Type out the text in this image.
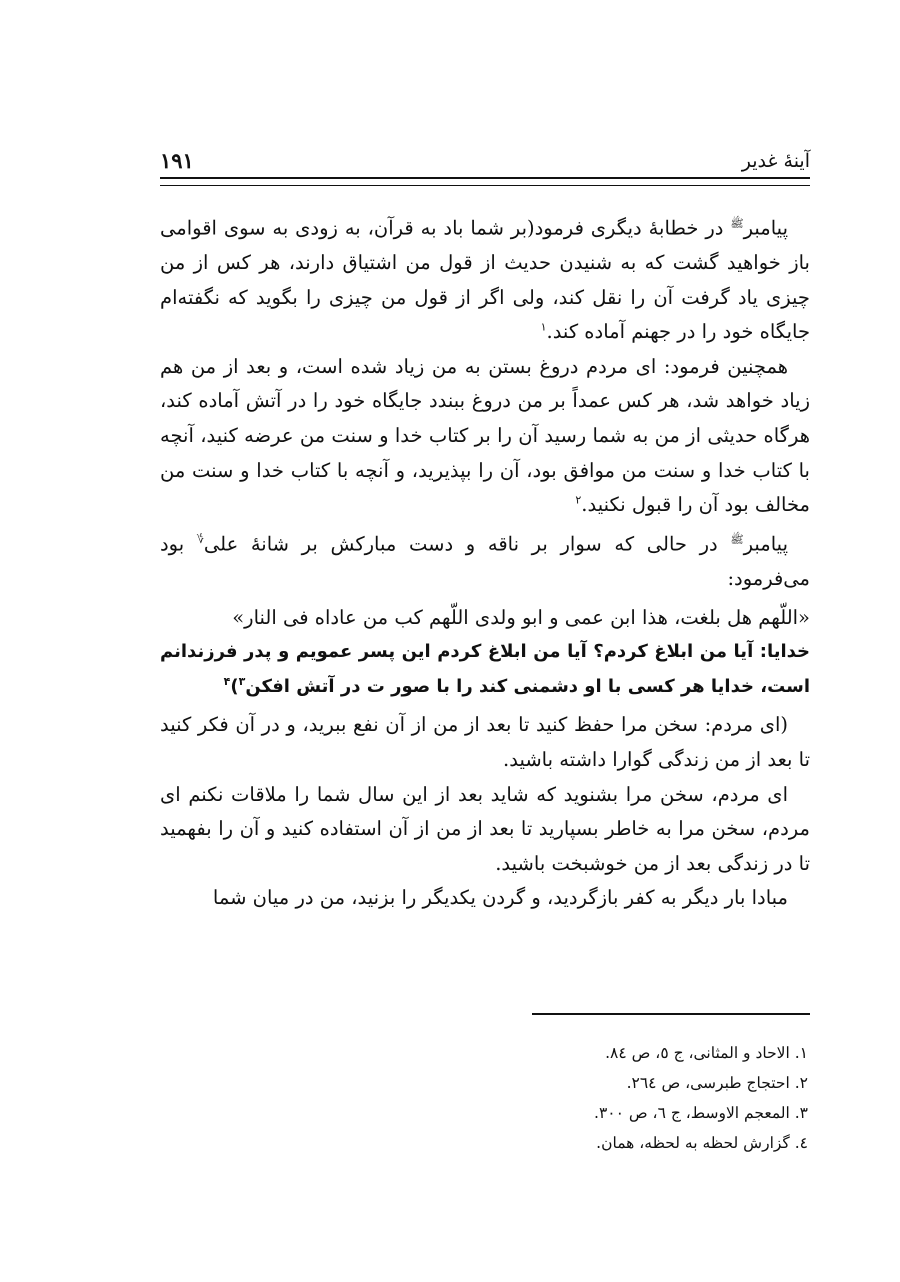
آینهٔ غدیر
۱۹۱

پیامبر$^ﷺ$ در خطابهٔ دیگری فرمود(بر شما باد به قرآن، به زودی به سوی اقوامی باز خواهید گشت که به شنیدن حدیث از قول من اشتیاق دارند، هر کس از من چیزی یاد گرفت آن را نقل کند، ولی اگر از قول من چیزی را بگوید که نگفته‌ام جایگاه خود را در جهنم آماده کند.$^۱$

همچنین فرمود: ای مردم دروغ بستن به من زیاد شده است، و بعد از من هم زیاد خواهد شد، هر کس عمداً بر من دروغ ببندد جایگاه خود را در آتش آماده کند، هرگاه حدیثی از من به شما رسید آن را بر کتاب خدا و سنت من عرضه کنید، آنچه با کتاب خدا و سنت من موافق بود، آن را بپذیرید، و آنچه با کتاب خدا و سنت من مخالف بود آن را قبول نکنید.$^۲$

پیامبر$^ﷺ$ در حالی که سوار بر ناقه و دست مبارکش بر شانهٔ علی؇ بود می‌فرمود:

«اللّهم هل بلغت، هذا ابن عمی و ابو ولدی اللّهم کب من عاداه فی النار»

خدایا: آیا من ابلاغ کردم؟ آیا من ابلاغ کردم این پسر عمویم و پدر فرزندانم است، خدایا هر کسی با او دشمنی کند را با صور ت در آتش افکن$^۳$)$^۴$

(ای مردم: سخن مرا حفظ کنید تا بعد از من از آن نفع ببرید، و در آن فکر کنید تا بعد از من زندگی گوارا داشته باشید.

ای مردم، سخن مرا بشنوید که شاید بعد از این سال شما را ملاقات نکنم ای مردم، سخن مرا به خاطر بسپارید تا بعد از من از آن استفاده کنید و آن را بفهمید تا در زندگی بعد از من خوشبخت باشید.

مبادا بار دیگر به کفر بازگردید، و گردن یکدیگر را بزنید، من در میان شما

۱. الاحاد و المثانی، ج ٥، ص ٨٤.
۲. احتجاج طبرسی، ص ٢٦٤.
۳. المعجم الاوسط، ج ٦، ص ٣٠٠.
٤. گزارش لحظه به لحظه، همان.
